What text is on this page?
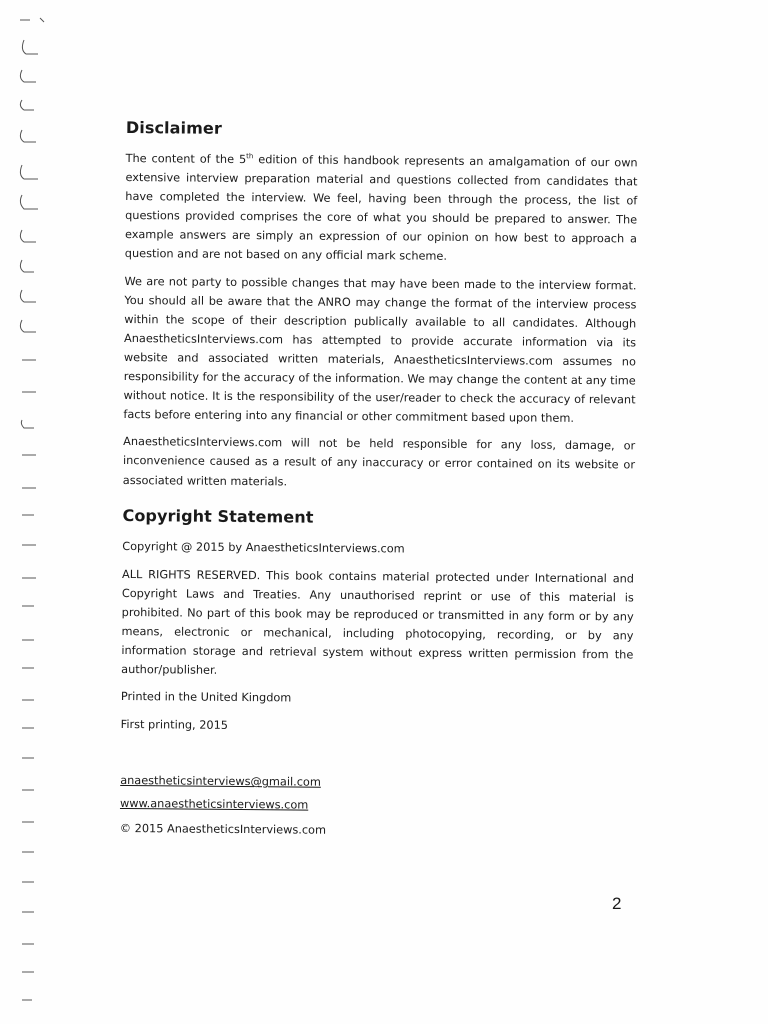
Disclaimer

The content of the 5th edition of this handbook represents an amalgamation of our own extensive interview preparation material and questions collected from candidates that have completed the interview. We feel, having been through the process, the list of questions provided comprises the core of what you should be prepared to answer. The example answers are simply an expression of our opinion on how best to approach a question and are not based on any official mark scheme.

We are not party to possible changes that may have been made to the interview format. You should all be aware that the ANRO may change the format of the interview process within the scope of their description publically available to all candidates. Although AnaestheticsInterviews.com has attempted to provide accurate information via its website and associated written materials, AnaestheticsInterviews.com assumes no responsibility for the accuracy of the information. We may change the content at any time without notice. It is the responsibility of the user/reader to check the accuracy of relevant facts before entering into any financial or other commitment based upon them.

AnaestheticsInterviews.com will not be held responsible for any loss, damage, or inconvenience caused as a result of any inaccuracy or error contained on its website or associated written materials.

Copyright Statement

Copyright @ 2015 by AnaestheticsInterviews.com

ALL RIGHTS RESERVED. This book contains material protected under International and Copyright Laws and Treaties. Any unauthorised reprint or use of this material is prohibited. No part of this book may be reproduced or transmitted in any form or by any means, electronic or mechanical, including photocopying, recording, or by any information storage and retrieval system without express written permission from the author/publisher.

Printed in the United Kingdom

First printing, 2015

anaestheticsinterviews@gmail.com

www.anaestheticsinterviews.com

© 2015 AnaestheticsInterviews.com

2
